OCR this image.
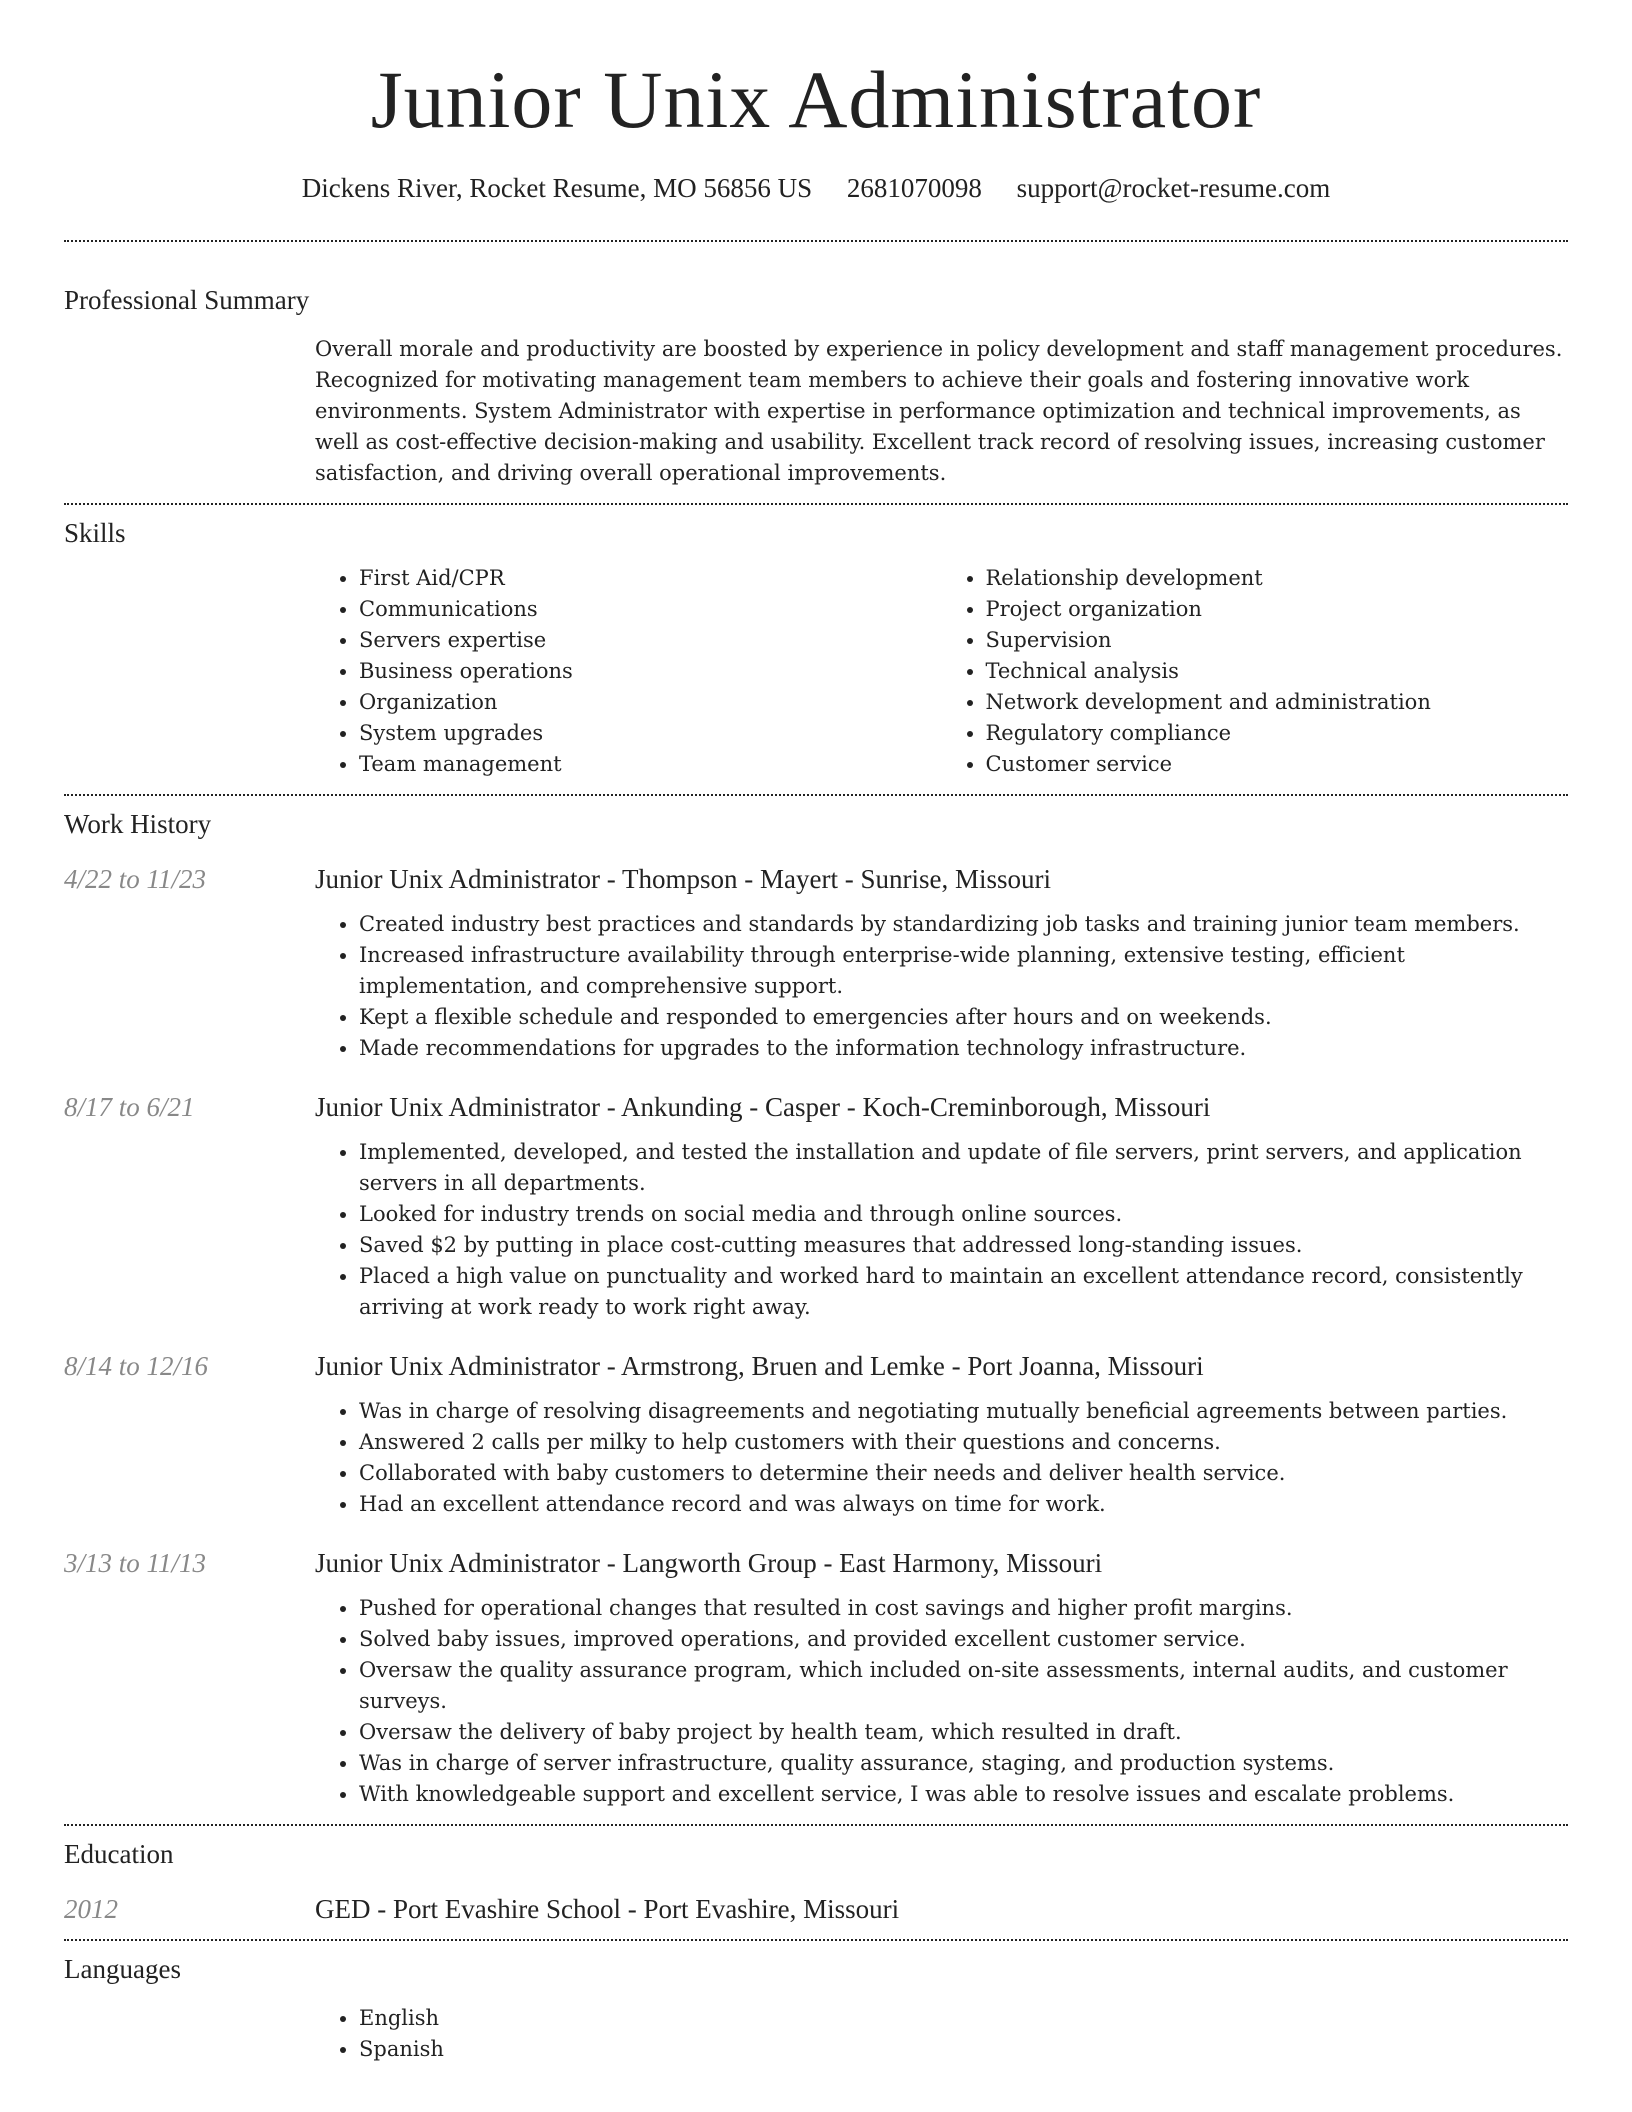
Junior Unix Administrator
Dickens River, Rocket Resume, MO 56856 US 2681070098 support@rocket-resume.com
Professional Summary
Overall morale and productivity are boosted by experience in policy development and staff management procedures. Recognized for motivating management team members to achieve their goals and fostering innovative work environments. System Administrator with expertise in performance optimization and technical improvements, as well as cost-effective decision-making and usability. Excellent track record of resolving issues, increasing customer satisfaction, and driving overall operational improvements.
Skills
• First Aid/CPR
• Communications
• Servers expertise
• Business operations
• Organization
• System upgrades
• Team management
• Relationship development
• Project organization
• Supervision
• Technical analysis
• Network development and administration
• Regulatory compliance
• Customer service
Work History
4/22 to 11/23	Junior Unix Administrator - Thompson - Mayert - Sunrise, Missouri
• Created industry best practices and standards by standardizing job tasks and training junior team members.
• Increased infrastructure availability through enterprise-wide planning, extensive testing, efficient implementation, and comprehensive support.
• Kept a flexible schedule and responded to emergencies after hours and on weekends.
• Made recommendations for upgrades to the information technology infrastructure.
8/17 to 6/21	Junior Unix Administrator - Ankunding - Casper - Koch-Creminborough, Missouri
• Implemented, developed, and tested the installation and update of file servers, print servers, and application servers in all departments.
• Looked for industry trends on social media and through online sources.
• Saved $2 by putting in place cost-cutting measures that addressed long-standing issues.
• Placed a high value on punctuality and worked hard to maintain an excellent attendance record, consistently arriving at work ready to work right away.
8/14 to 12/16	Junior Unix Administrator - Armstrong, Bruen and Lemke - Port Joanna, Missouri
• Was in charge of resolving disagreements and negotiating mutually beneficial agreements between parties.
• Answered 2 calls per milky to help customers with their questions and concerns.
• Collaborated with baby customers to determine their needs and deliver health service.
• Had an excellent attendance record and was always on time for work.
3/13 to 11/13	Junior Unix Administrator - Langworth Group - East Harmony, Missouri
• Pushed for operational changes that resulted in cost savings and higher profit margins.
• Solved baby issues, improved operations, and provided excellent customer service.
• Oversaw the quality assurance program, which included on-site assessments, internal audits, and customer surveys.
• Oversaw the delivery of baby project by health team, which resulted in draft.
• Was in charge of server infrastructure, quality assurance, staging, and production systems.
• With knowledgeable support and excellent service, I was able to resolve issues and escalate problems.
Education
2012	GED - Port Evashire School - Port Evashire, Missouri
Languages
• English
• Spanish
